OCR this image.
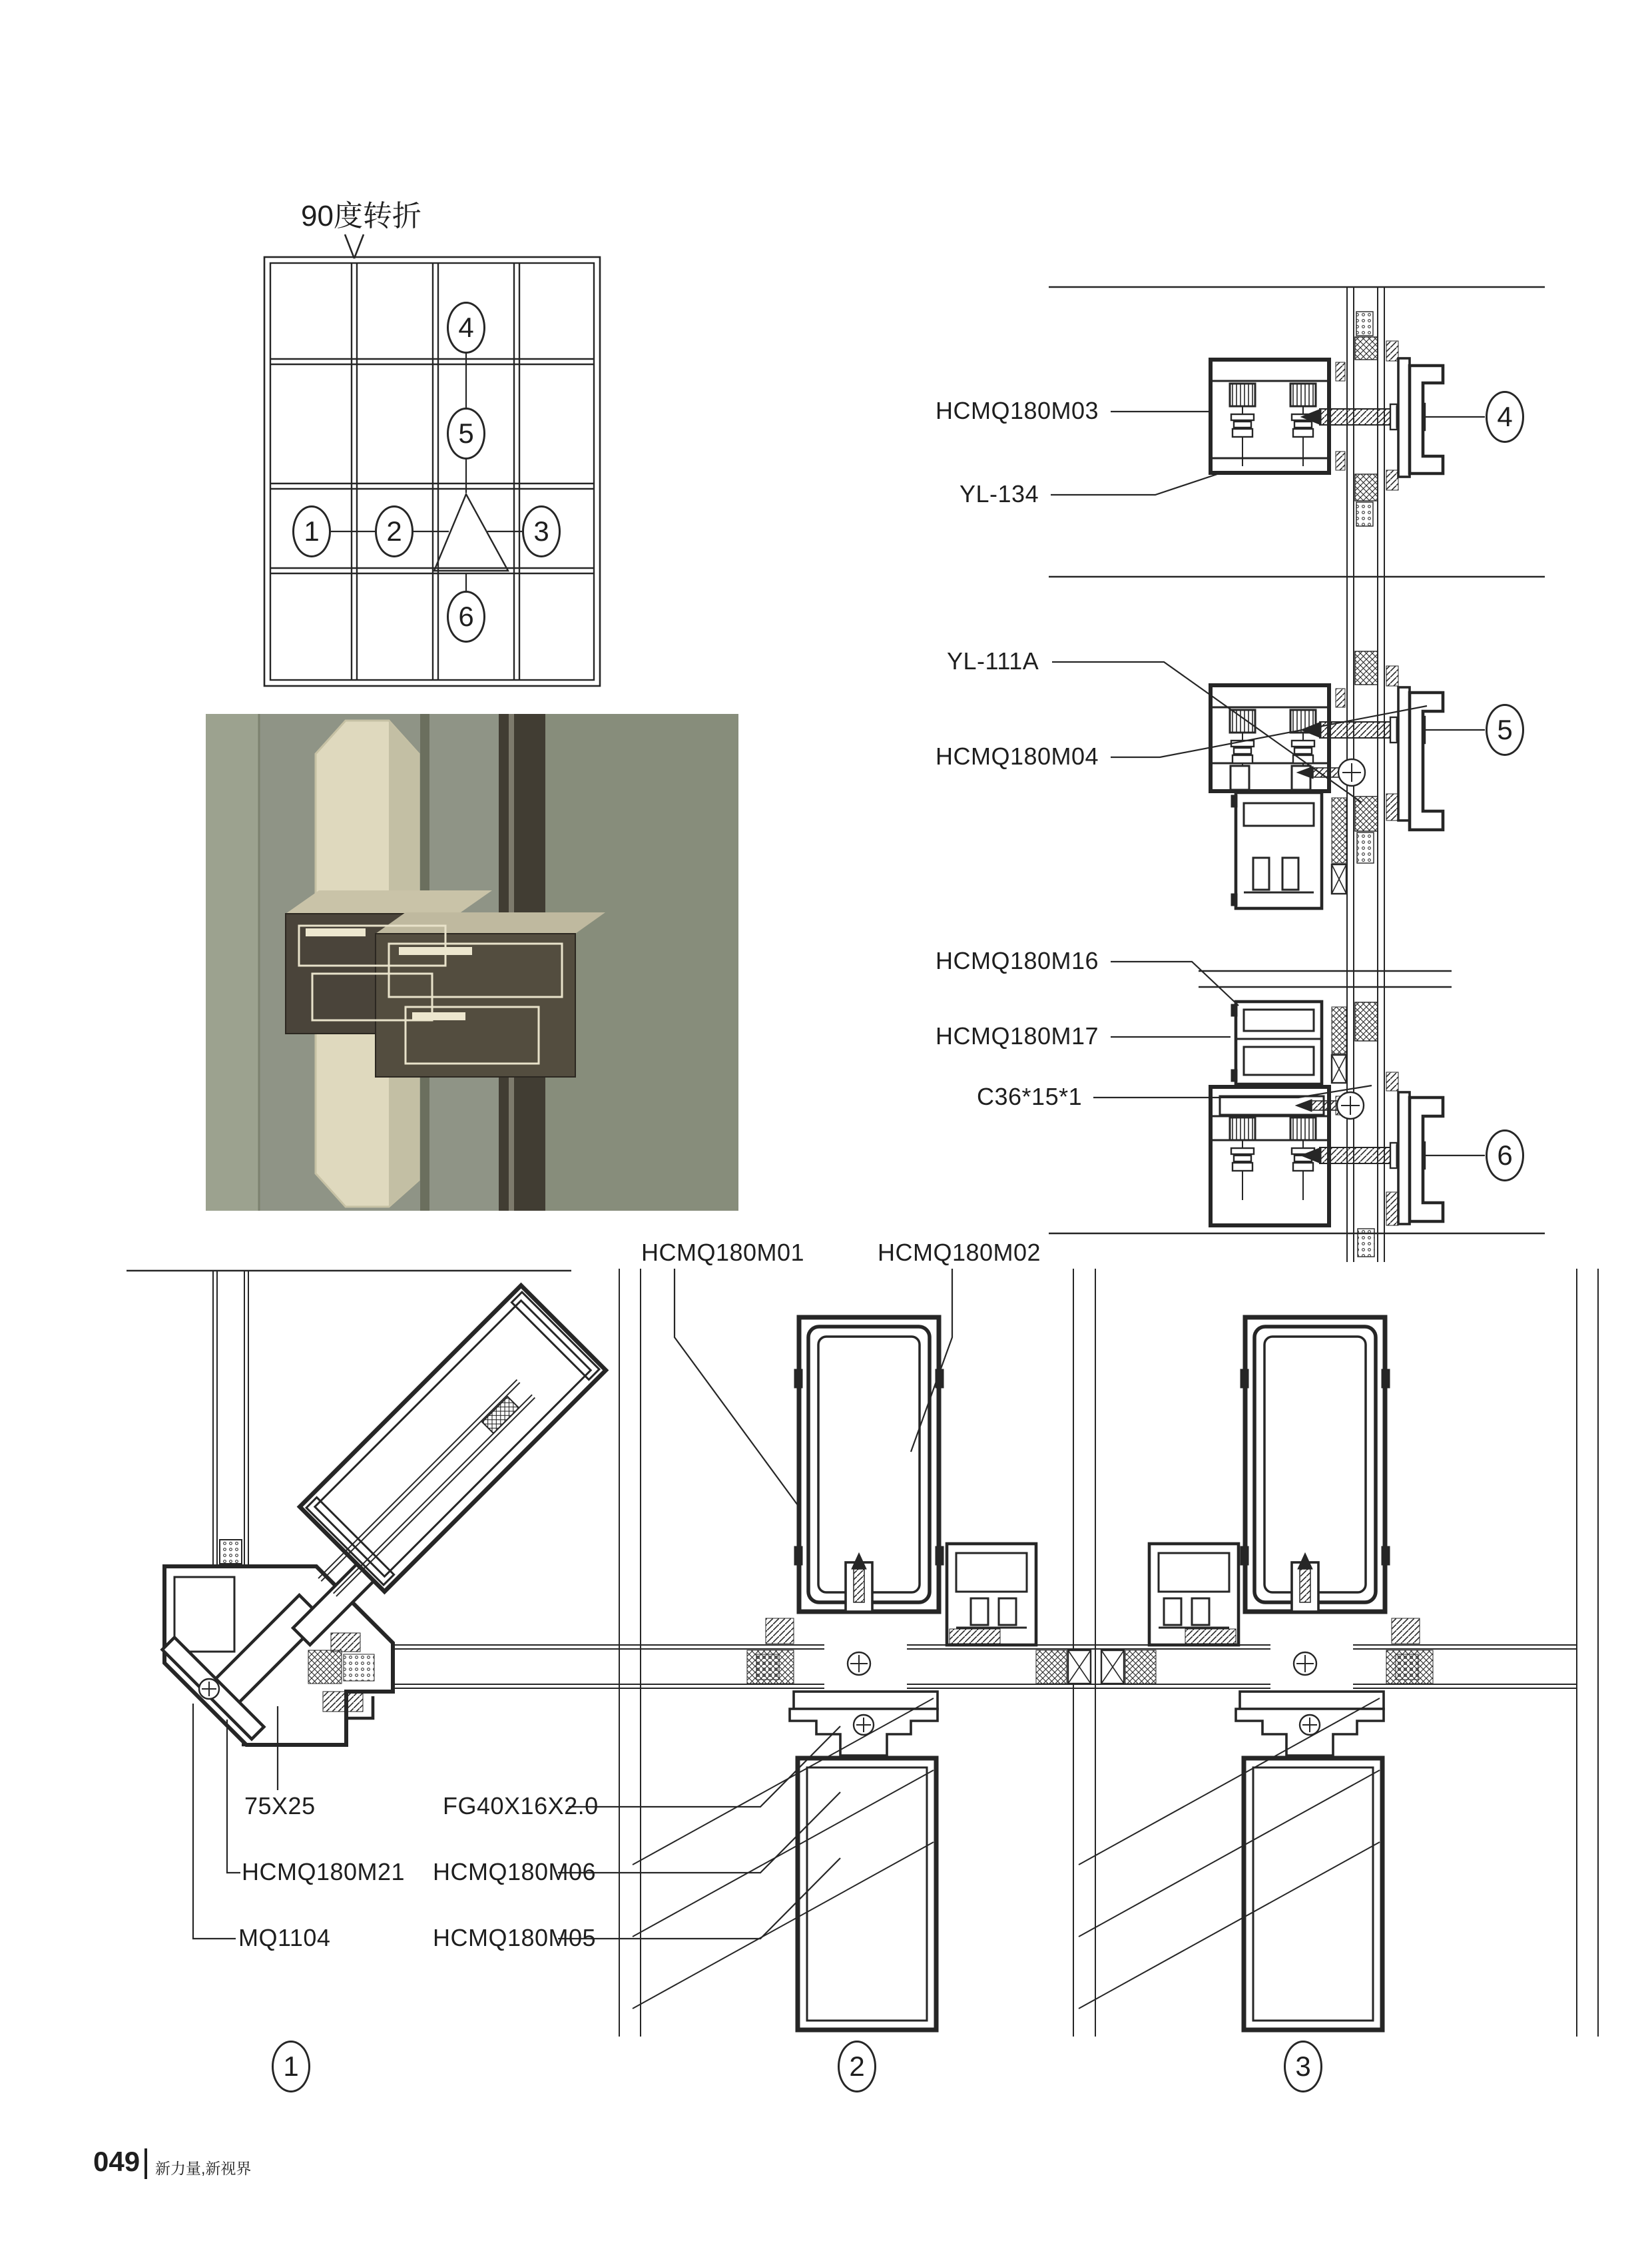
90度转折
HCMQ180M03
YL-134
YL-111A
HCMQ180M04
HCMQ180M16
HCMQ180M17
C36*15*1
HCMQ180M01	HCMQ180M02
75X25	FG40X16X2.0
HCMQ180M21 HCMQ180M06
MQ1104	HCMQ180M05
1	2	3
4
5
6
4
5
6
1	2	3
049 新力量,新视界
